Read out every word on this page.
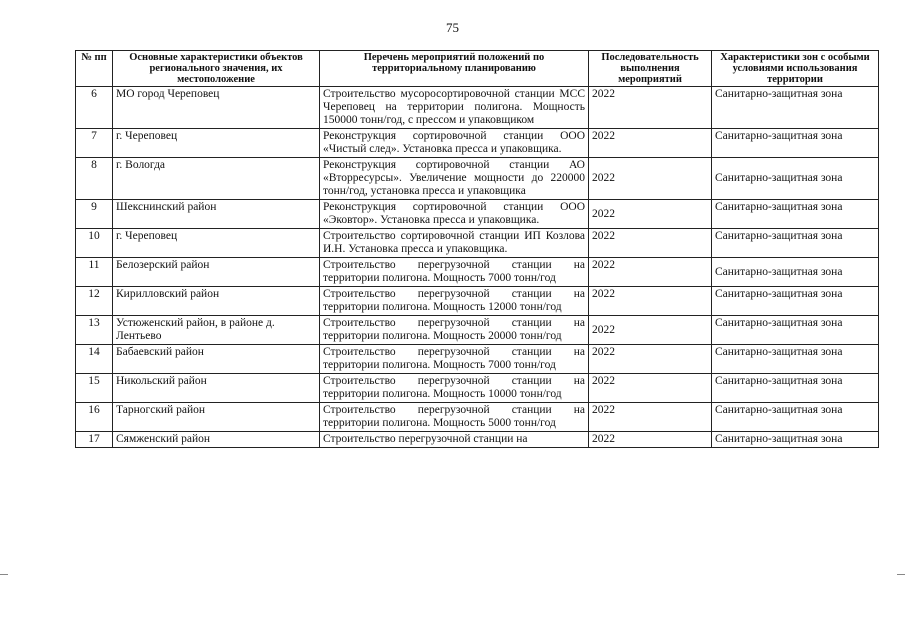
75
№ пп	Основные характеристики объектов регионального значения, их местоположение	Перечень мероприятий положений по территориальному планированию	Последовательность выполнения мероприятий	Характеристики зон с особыми условиями использования территории
6	МО город Череповец	Строительство мусоросортировочной станции МСС Череповец на территории полигона. Мощность 150000 тонн/год, с прессом и упаковщиком	2022	Санитарно-защитная зона
7	г. Череповец	Реконструкция сортировочной станции ООО «Чистый след». Установка пресса и упаковщика.	2022	Санитарно-защитная зона
8	г. Вологда	Реконструкция сортировочной станции АО «Вторресурсы». Увеличение мощности до 220000 тонн/год, установка пресса и упаковщика	2022	Санитарно-защитная зона
9	Шекснинский район	Реконструкция сортировочной станции ООО «Эковтор». Установка пресса и упаковщика.	2022	Санитарно-защитная зона
10	г. Череповец	Строительство сортировочной станции ИП Козлова И.Н. Установка пресса и упаковщика.	2022	Санитарно-защитная зона
11	Белозерский район	Строительство перегрузочной станции на территории полигона. Мощность 7000 тонн/год	2022	Санитарно-защитная зона
12	Кирилловский район	Строительство перегрузочной станции на территории полигона. Мощность 12000 тонн/год	2022	Санитарно-защитная зона
13	Устюженский район, в районе д. Лентьево	Строительство перегрузочной станции на территории полигона. Мощность 20000 тонн/год	2022	Санитарно-защитная зона
14	Бабаевский район	Строительство перегрузочной станции на территории полигона. Мощность 7000 тонн/год	2022	Санитарно-защитная зона
15	Никольский район	Строительство перегрузочной станции на территории полигона. Мощность 10000 тонн/год	2022	Санитарно-защитная зона
16	Тарногский район	Строительство перегрузочной станции на территории полигона. Мощность 5000 тонн/год	2022	Санитарно-защитная зона
17	Сямженский район	Строительство перегрузочной станции на	2022	Санитарно-защитная зона
